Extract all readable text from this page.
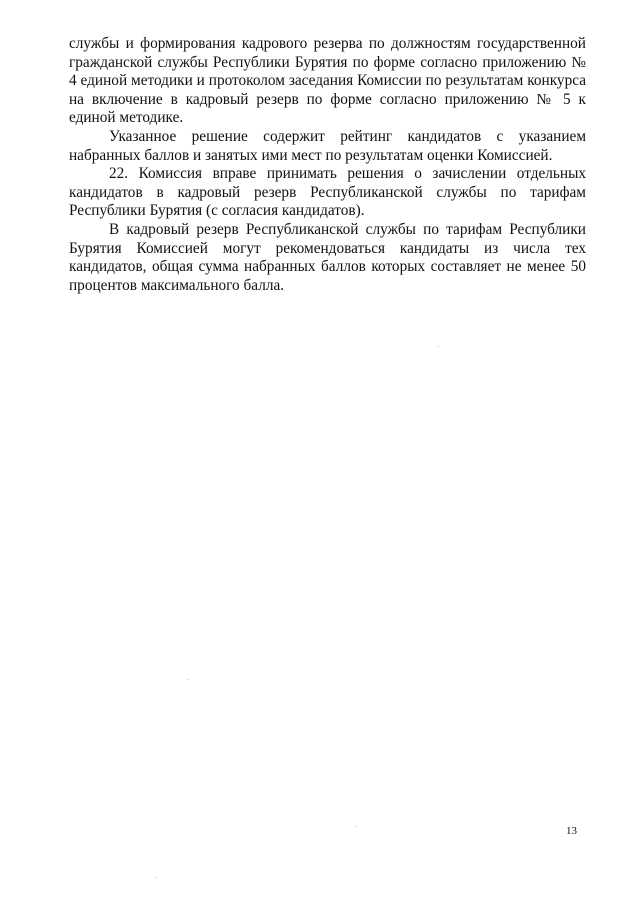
службы и формирования кадрового резерва по должностям государственной гражданской службы Республики Бурятия по форме согласно приложению № 4 единой методики и протоколом заседания Комиссии по результатам конкурса на включение в кадровый резерв по форме согласно приложению № 5 к единой методике.

Указанное решение содержит рейтинг кандидатов с указанием набранных баллов и занятых ими мест по результатам оценки Комиссией.

22. Комиссия вправе принимать решения о зачислении отдельных кандидатов в кадровый резерв Республиканской службы по тарифам Республики Бурятия (с согласия кандидатов).

В кадровый резерв Республиканской службы по тарифам Республики Бурятия Комиссией могут рекомендоваться кандидаты из числа тех кандидатов, общая сумма набранных баллов которых составляет не менее 50 процентов максимального балла.

13
